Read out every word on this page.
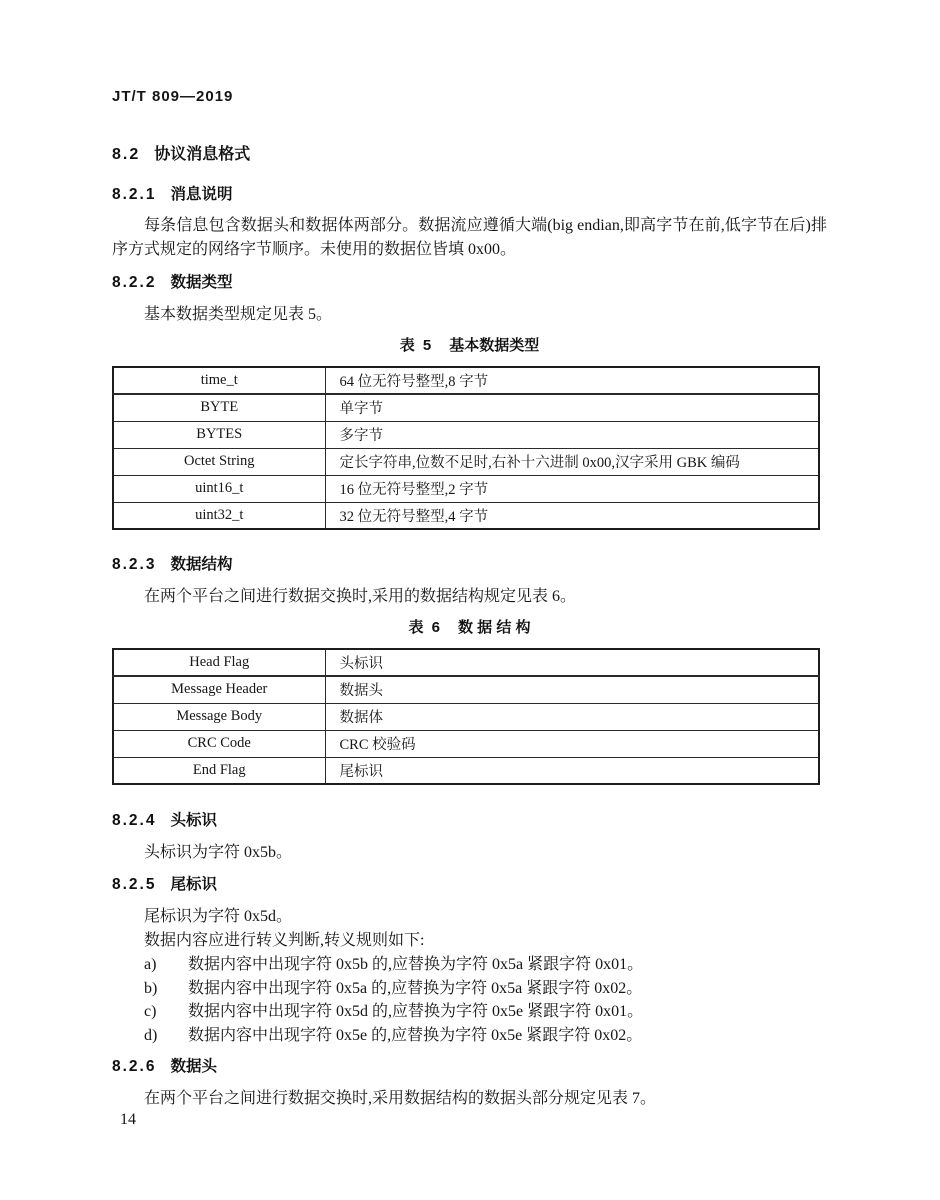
JT/T 809—2019
8.2 协议消息格式
8.2.1 消息说明

每条信息包含数据头和数据体两部分。数据流应遵循大端(big endian,即高字节在前,低字节在后)排序方式规定的网络字节顺序。未使用的数据位皆填 0x00。

8.2.2 数据类型

基本数据类型规定见表 5。

表 5 基本数据类型
time_t	64 位无符号整型,8 字节
BYTE	单字节
BYTES	多字节
Octet String	定长字符串,位数不足时,右补十六进制 0x00,汉字采用 GBK 编码
uint16_t	16 位无符号整型,2 字节
uint32_t	32 位无符号整型,4 字节
8.2.3 数据结构

在两个平台之间进行数据交换时,采用的数据结构规定见表 6。

表 6 数 据 结 构
Head Flag	头标识
Message Header	数据头
Message Body	数据体
CRC Code	CRC 校验码
End Flag	尾标识
8.2.4 头标识

头标识为字符 0x5b。

8.2.5 尾标识

尾标识为字符 0x5d。

数据内容应进行转义判断,转义规则如下:

a) 数据内容中出现字符 0x5b 的,应替换为字符 0x5a 紧跟字符 0x01。
b) 数据内容中出现字符 0x5a 的,应替换为字符 0x5a 紧跟字符 0x02。
c) 数据内容中出现字符 0x5d 的,应替换为字符 0x5e 紧跟字符 0x01。
d) 数据内容中出现字符 0x5e 的,应替换为字符 0x5e 紧跟字符 0x02。
8.2.6 数据头

在两个平台之间进行数据交换时,采用数据结构的数据头部分规定见表 7。

14
